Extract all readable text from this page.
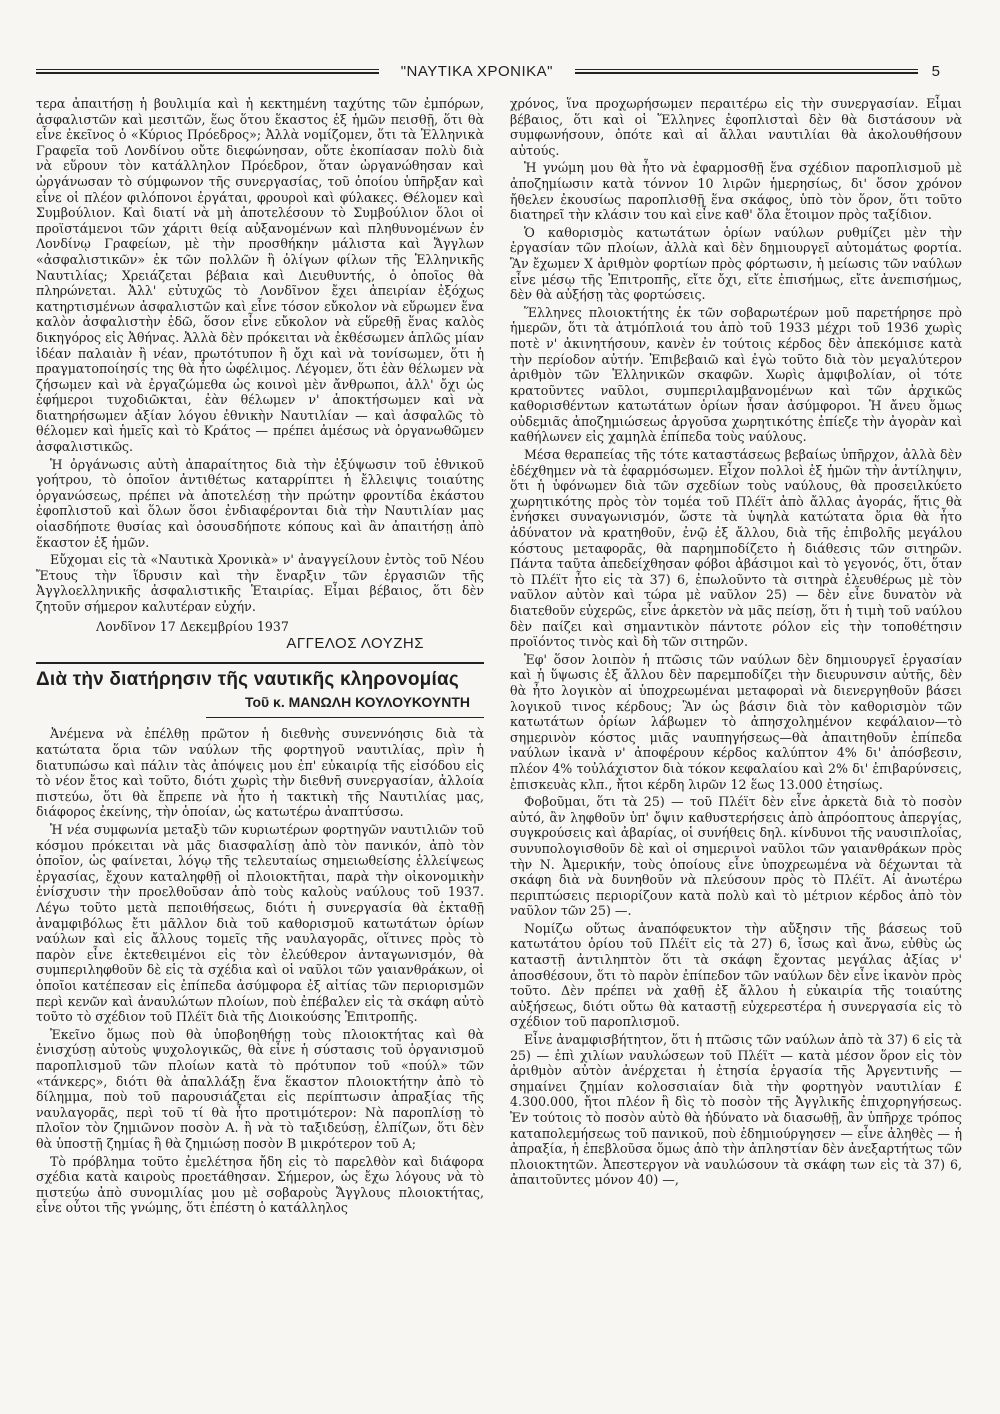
"ΝΑΥΤΙΚΑ ΧΡΟΝΙΚΑ"	5

τερα ἀπαιτήσῃ ἡ βουλιμία καὶ ἡ κεκτημένη ταχύτης τῶν ἐμπόρων, ἀσφαλιστῶν καὶ μεσιτῶν, ἕως ὅτου ἕκαστος ἐξ ἡμῶν πεισθῇ, ὅτι θὰ εἶνε ἐκεῖνος ὁ «Κύριος Πρόεδρος»; Ἀλλὰ νομίζομεν, ὅτι τὰ Ἑλληνικὰ Γραφεῖα τοῦ Λονδίνου οὔτε διεφώνησαν, οὔτε ἐκοπίασαν πολὺ διὰ νὰ εὕρουν τὸν κατάλληλον Πρόεδρον, ὅταν ὠργανώθησαν καὶ ὠργάνωσαν τὸ σύμφωνον τῆς συνεργασίας, τοῦ ὁποίου ὑπῆρξαν καὶ εἶνε οἱ πλέον φιλόπονοι ἐργάται, φρουροὶ καὶ φύλακες. Θέλομεν καὶ Συμβούλιον. Καὶ διατί νὰ μὴ ἀποτελέσουν τὸ Συμβούλιον ὅλοι οἱ προϊστάμενοι τῶν χάριτι θείᾳ αὐξανομένων καὶ πληθυνομένων ἐν Λονδίνῳ Γραφείων, μὲ τὴν προσθήκην μάλιστα καὶ Ἄγγλων «ἀσφαλιστικῶν» ἐκ τῶν πολλῶν ἢ ὀλίγων φίλων τῆς Ἑλληνικῆς Ναυτιλίας; Χρειάζεται βέβαια καὶ Διευθυντής, ὁ ὁποῖος θὰ πληρώνεται. Ἀλλ' εὐτυχῶς τὸ Λονδῖνον ἔχει ἀπειρίαν ἐξόχως κατηρτισμένων ἀσφαλιστῶν καὶ εἶνε τόσον εὔκολον νὰ εὕρωμεν ἕνα καλὸν ἀσφαλιστὴν ἐδῶ, ὅσον εἶνε εὔκολον νὰ εὕρεθῇ ἕνας καλὸς δικηγόρος εἰς Ἀθήνας. Ἀλλὰ δὲν πρόκειται νὰ ἐκθέσωμεν ἁπλῶς μίαν ἰδέαν παλαιὰν ἢ νέαν, πρωτότυπον ἢ ὄχι καὶ νὰ τονίσωμεν, ὅτι ἡ πραγματοποίησίς της θὰ ἦτο ὠφέλιμος. Λέγομεν, ὅτι ἐὰν θέλωμεν νὰ ζήσωμεν καὶ νὰ ἐργαζώμεθα ὡς κοινοὶ μὲν ἄνθρωποι, ἀλλ' ὄχι ὡς ἐφήμεροι τυχοδιῶκται, ἐὰν θέλωμεν ν' ἀποκτήσωμεν καὶ νὰ διατηρήσωμεν ἀξίαν λόγου ἐθνικὴν Ναυτιλίαν — καὶ ἀσφαλῶς τὸ θέλομεν καὶ ἡμεῖς καὶ τὸ Κράτος — πρέπει ἀμέσως νὰ ὀργανωθῶμεν ἀσφαλιστικῶς.

Ἡ ὀργάνωσις αὐτὴ ἀπαραίτητος διὰ τὴν ἐξύψωσιν τοῦ ἐθνικοῦ γοήτρου, τὸ ὁποῖον ἀντιθέτως καταρρίπτει ἡ ἔλλειψις τοιαύτης ὀργανώσεως, πρέπει νὰ ἀποτελέσῃ τὴν πρώτην φροντίδα ἑκάστου ἐφοπλιστοῦ καὶ ὅλων ὅσοι ἐνδιαφέρονται διὰ τὴν Ναυτιλίαν μας οἱασδήποτε θυσίας καὶ ὁσουσδήποτε κόπους καὶ ἂν ἀπαιτήσῃ ἀπὸ ἕκαστον ἐξ ἡμῶν.

Εὔχομαι εἰς τὰ «Ναυτικὰ Χρονικὰ» ν' ἀναγγείλουν ἐντὸς τοῦ Νέου Ἔτους τὴν ἵδρυσιν καὶ τὴν ἔναρξιν τῶν ἐργασιῶν τῆς Ἀγγλοελληνικῆς ἀσφαλιστικῆς Ἑταιρίας. Εἶμαι βέβαιος, ὅτι δὲν ζητοῦν σήμερον καλυτέραν εὐχήν.

Λονδῖνον 17 Δεκεμβρίου 1937

ΑΓΓΕΛΟΣ ΛΟΥΖΗΣ
Διὰ τὴν διατήρησιν τῆς ναυτικῆς κληρονομίας
Τοῦ κ. ΜΑΝΩΛΗ ΚΟΥΛΟΥΚΟΥΝΤΗ

Ἀνέμενα νὰ ἐπέλθῃ πρῶτον ἡ διεθνὴς συνεννόησις διὰ τὰ κατώτατα ὅρια τῶν ναύλων τῆς φορτηγοῦ ναυτιλίας, πρὶν ἡ διατυπώσω καὶ πάλιν τὰς ἀπόψεις μου ἐπ' εὐκαιρίᾳ τῆς εἰσόδου εἰς τὸ νέον ἔτος καὶ τοῦτο, διότι χωρὶς τὴν διεθνῆ συνεργασίαν, ἀλλοία πιστεύω, ὅτι θὰ ἔπρεπε νὰ ἦτο ἡ τακτικὴ τῆς Ναυτιλίας μας, διάφορος ἐκείνης, τὴν ὁποίαν, ὡς κατωτέρω ἀναπτύσσω.

Ἡ νέα συμφωνία μεταξὺ τῶν κυριωτέρων φορτηγῶν ναυτιλιῶν τοῦ κόσμου πρόκειται νὰ μᾶς διασφαλίσῃ ἀπὸ τὸν πανικόν, ἀπὸ τὸν ὁποῖον, ὡς φαίνεται, λόγῳ τῆς τελευταίως σημειωθείσης ἐλλείψεως ἐργασίας, ἔχουν καταληφθῇ οἱ πλοιοκτῆται, παρὰ τὴν οἰκονομικὴν ἐνίσχυσιν τὴν προελθοῦσαν ἀπὸ τοὺς καλοὺς ναύλους τοῦ 1937. Λέγω τοῦτο μετὰ πεποιθήσεως, διότι ἡ συνεργασία θὰ ἐκταθῇ ἀναμφιβόλως ἔτι μᾶλλον διὰ τοῦ καθορισμοῦ κατωτάτων ὁρίων ναύλων καὶ εἰς ἄλλους τομεῖς τῆς ναυλαγορᾶς, οἵτινες πρὸς τὸ παρὸν εἶνε ἐκτεθειμένοι εἰς τὸν ἐλεύθερον ἀνταγωνισμόν, θὰ συμπεριληφθοῦν δὲ εἰς τὰ σχέδια καὶ οἱ ναῦλοι τῶν γαιανθράκων, οἱ ὁποῖοι κατέπεσαν εἰς ἐπίπεδα ἀσύμφορα ἐξ αἰτίας τῶν περιορισμῶν περὶ κενῶν καὶ ἀναυλώτων πλοίων, ποὺ ἐπέβαλεν εἰς τὰ σκάφη αὐτὸ τοῦτο τὸ σχέδιον τοῦ Πλέϊτ διὰ τῆς Διοικούσης Ἐπιτροπῆς.

Ἐκεῖνο ὅμως ποὺ θὰ ὑποβοηθήσῃ τοὺς πλοιοκτήτας καὶ θὰ ἐνισχύσῃ αὐτοὺς ψυχολογικῶς, θὰ εἶνε ἡ σύστασις τοῦ ὀργανισμοῦ παροπλισμοῦ τῶν πλοίων κατὰ τὸ πρότυπον τοῦ «πούλ» τῶν «τάνκερς», διότι θὰ ἀπαλλάξῃ ἕνα ἕκαστον πλοιοκτήτην ἀπὸ τὸ δίλημμα, ποὺ τοῦ παρουσιάζεται εἰς περίπτωσιν ἀπραξίας τῆς ναυλαγορᾶς, περὶ τοῦ τί θὰ ἦτο προτιμότερον: Νὰ παροπλίσῃ τὸ πλοῖον τὸν ζημιῶνον ποσὸν Α. ἢ νὰ τὸ ταξιδεύσῃ, ἐλπίζων, ὅτι δὲν θὰ ὑποστῇ ζημίας ἢ θὰ ζημιώσῃ ποσὸν Β μικρότερον τοῦ Α;

Τὸ πρόβλημα τοῦτο ἐμελέτησα ἤδη εἰς τὸ παρελθὸν καὶ διάφορα σχέδια κατὰ καιροὺς προετάθησαν. Σήμερον, ὡς ἔχω λόγους νὰ τὸ πιστεύω ἀπὸ συνομιλίας μου μὲ σοβαροὺς Ἄγγλους πλοιοκτήτας, εἶνε οὗτοι τῆς γνώμης, ὅτι ἐπέστη ὁ κατάλληλος

χρόνος, ἵνα προχωρήσωμεν περαιτέρω εἰς τὴν συνεργασίαν. Εἶμαι βέβαιος, ὅτι καὶ οἱ Ἕλληνες ἐφοπλισταὶ δὲν θὰ διστάσουν νὰ συμφωνήσουν, ὁπότε καὶ αἱ ἄλλαι ναυτιλίαι θὰ ἀκολουθήσουν αὐτούς.

Ἡ γνώμη μου θὰ ἦτο νὰ ἐφαρμοσθῇ ἕνα σχέδιον παροπλισμοῦ μὲ ἀποζημίωσιν κατὰ τόννον 10 λιρῶν ἡμερησίως, δι' ὅσον χρόνον ἤθελεν ἐκουσίως παροπλισθῇ ἕνα σκάφος, ὑπὸ τὸν ὅρον, ὅτι τοῦτο διατηρεῖ τὴν κλάσιν του καὶ εἶνε καθ' ὅλα ἕτοιμον πρὸς ταξίδιον.

Ὁ καθορισμὸς κατωτάτων ὁρίων ναύλων ρυθμίζει μὲν τὴν ἐργασίαν τῶν πλοίων, ἀλλὰ καὶ δὲν δημιουργεῖ αὐτομάτως φορτία. Ἂν ἔχωμεν Χ ἀριθμὸν φορτίων πρὸς φόρτωσιν, ἡ μείωσις τῶν ναύλων εἶνε μέσῳ τῆς Ἐπιτροπῆς, εἴτε ὄχι, εἴτε ἐπισήμως, εἴτε ἀνεπισήμως, δὲν θὰ αὐξήσῃ τὰς φορτώσεις.

Ἕλληνες πλοιοκτήτης ἐκ τῶν σοβαρωτέρων μοῦ παρετήρησε πρὸ ἡμερῶν, ὅτι τὰ ἀτμόπλοιά του ἀπὸ τοῦ 1933 μέχρι τοῦ 1936 χωρὶς ποτὲ ν' ἀκινητήσουν, κανὲν ἐν τούτοις κέρδος δὲν ἀπεκόμισε κατὰ τὴν περίοδον αὐτήν. Ἐπιβεβαιῶ καὶ ἐγὼ τοῦτο διὰ τὸν μεγαλύτερον ἀριθμὸν τῶν Ἑλληνικῶν σκαφῶν. Χωρὶς ἀμφιβολίαν, οἱ τότε κρατοῦντες ναῦλοι, συμπεριλαμβανομένων καὶ τῶν ἀρχικῶς καθορισθέντων κατωτάτων ὁρίων ἦσαν ἀσύμφοροι. Ἡ ἄνευ ὅμως οὐδεμιᾶς ἀποζημιώσεως ἀργοῦσα χωρητικότης ἐπίεζε τὴν ἀγορὰν καὶ καθήλωνεν εἰς χαμηλὰ ἐπίπεδα τοὺς ναύλους.

Μέσα θεραπείας τῆς τότε καταστάσεως βεβαίως ὑπῆρχον, ἀλλὰ δὲν ἐδέχθημεν νὰ τὰ ἐφαρμόσωμεν. Εἶχον πολλοὶ ἐξ ἡμῶν τὴν ἀντίληψιν, ὅτι ἡ ὑφόνωμεν διὰ τῶν σχεδίων τοὺς ναύλους, θὰ προσειλκύετο χωρητικότης πρὸς τὸν τομέα τοῦ Πλέϊτ ἀπὸ ἄλλας ἀγοράς, ἥτις θὰ ἐνήσκει συναγωνισμόν, ὥστε τὰ ὑψηλὰ κατώτατα ὅρια θὰ ἦτο ἀδύνατον νὰ κρατηθοῦν, ἐνῷ ἐξ ἄλλου, διὰ τῆς ἐπιβολῆς μεγάλου κόστους μεταφορᾶς, θὰ παρημποδίζετο ἡ διάθεσις τῶν σιτηρῶν. Πάντα ταῦτα ἀπεδείχθησαν φόβοι ἀβάσιμοι καὶ τὸ γεγονός, ὅτι, ὅταν τὸ Πλέϊτ ἦτο εἰς τὰ 37) 6, ἐπωλοῦντο τὰ σιτηρὰ ἐλευθέρως μὲ τὸν ναῦλον αὐτὸν καὶ τώρα μὲ ναῦλον 25) — δὲν εἶνε δυνατὸν νὰ διατεθοῦν εὐχερῶς, εἶνε ἀρκετὸν νὰ μᾶς πείσῃ, ὅτι ἡ τιμὴ τοῦ ναύλου δὲν παίζει καὶ σημαντικὸν πάντοτε ρόλον εἰς τὴν τοποθέτησιν προϊόντος τινὸς καὶ δὴ τῶν σιτηρῶν.

Ἐφ' ὅσον λοιπὸν ἡ πτῶσις τῶν ναύλων δὲν δημιουργεῖ ἐργασίαν καὶ ἡ ὕψωσις ἐξ ἄλλου δὲν παρεμποδίζει τὴν διευρυνσιν αὐτῆς, δὲν θὰ ἦτο λογικὸν αἱ ὑποχρεωμέναι μεταφοραὶ νὰ διενεργηθοῦν βάσει λογικοῦ τινος κέρδους; Ἂν ὡς βάσιν διὰ τὸν καθορισμὸν τῶν κατωτάτων ὁρίων λάβωμεν τὸ ἀπησχολημένον κεφάλαιον—τὸ σημερινὸν κόστος μιᾶς ναυπηγήσεως—θὰ ἀπαιτηθοῦν ἐπίπεδα ναύλων ἱκανὰ ν' ἀποφέρουν κέρδος καλύπτον 4% δι' ἀπόσβεσιν, πλέον 4% τοὐλάχιστον διὰ τόκον κεφαλαίου καὶ 2% δι' ἐπιβαρύνσεις, ἐπισκευὰς κλπ., ἤτοι κέρδη λιρῶν 12 ἕως 13.000 ἐτησίως.

Φοβοῦμαι, ὅτι τὰ 25) — τοῦ Πλέϊτ δὲν εἶνε ἀρκετὰ διὰ τὸ ποσὸν αὐτό, ἂν ληφθοῦν ὑπ' ὄψιν καθυστερήσεις ἀπὸ ἀπρόοπτους ἀπεργίας, συγκρούσεις καὶ ἀβαρίας, οἱ συνήθεις δηλ. κίνδυνοι τῆς ναυσιπλοΐας, συνυπολογισθοῦν δὲ καὶ οἱ σημερινοὶ ναῦλοι τῶν γαιανθράκων πρὸς τὴν Ν. Ἀμερικήν, τοὺς ὁποίους εἶνε ὑποχρεωμένα νὰ δέχωνται τὰ σκάφη διὰ νὰ δυνηθοῦν νὰ πλεύσουν πρὸς τὸ Πλέϊτ. Αἱ ἀνωτέρω περιπτώσεις περιορίζουν κατὰ πολὺ καὶ τὸ μέτριον κέρδος ἀπὸ τὸν ναῦλον τῶν 25) —.

Νομίζω οὕτως ἀναπόφευκτον τὴν αὔξησιν τῆς βάσεως τοῦ κατωτάτου ὁρίου τοῦ Πλέϊτ εἰς τὰ 27) 6, ἴσως καὶ ἄνω, εὐθὺς ὡς καταστῇ ἀντιληπτὸν ὅτι τὰ σκάφη ἔχοντας μεγάλας ἀξίας ν' ἀποσθέσουν, ὅτι τὸ παρὸν ἐπίπεδον τῶν ναύλων δὲν εἶνε ἱκανὸν πρὸς τοῦτο. Δὲν πρέπει νὰ χαθῇ ἐξ ἄλλου ἡ εὐκαιρία τῆς τοιαύτης αὐξήσεως, διότι οὕτω θὰ καταστῇ εὐχερεστέρα ἡ συνεργασία εἰς τὸ σχέδιον τοῦ παροπλισμοῦ.

Εἶνε ἀναμφισβήτητον, ὅτι ἡ πτῶσις τῶν ναύλων ἀπὸ τὰ 37) 6 εἰς τὰ 25) — ἐπὶ χιλίων ναυλώσεων τοῦ Πλέϊτ — κατὰ μέσον ὅρον εἰς τὸν ἀριθμὸν αὐτὸν ἀνέρχεται ἡ ἐτησία ἐργασία τῆς Ἀργεντινῆς — σημαίνει ζημίαν κολοσσιαίαν διὰ τὴν φορτηγὸν ναυτιλίαν £ 4.300.000, ἤτοι πλέον ἢ δὶς τὸ ποσὸν τῆς Ἀγγλικῆς ἐπιχορηγήσεως. Ἐν τούτοις τὸ ποσὸν αὐτὸ θὰ ἠδύνατο νὰ διασωθῇ, ἂν ὑπῆρχε τρόπος καταπολεμήσεως τοῦ πανικοῦ, ποὺ ἐδημιούργησεν — εἶνε ἀληθὲς — ἡ ἀπραξία, ἡ ἐπεβλοῦσα ὅμως ἀπὸ τὴν ἀπληστίαν δὲν ἀνεξαρτήτως τῶν πλοιοκτητῶν. Ἀπεστεργον νὰ ναυλώσουν τὰ σκάφη των εἰς τὰ 37) 6, ἀπαιτοῦντες μόνον 40) —,
